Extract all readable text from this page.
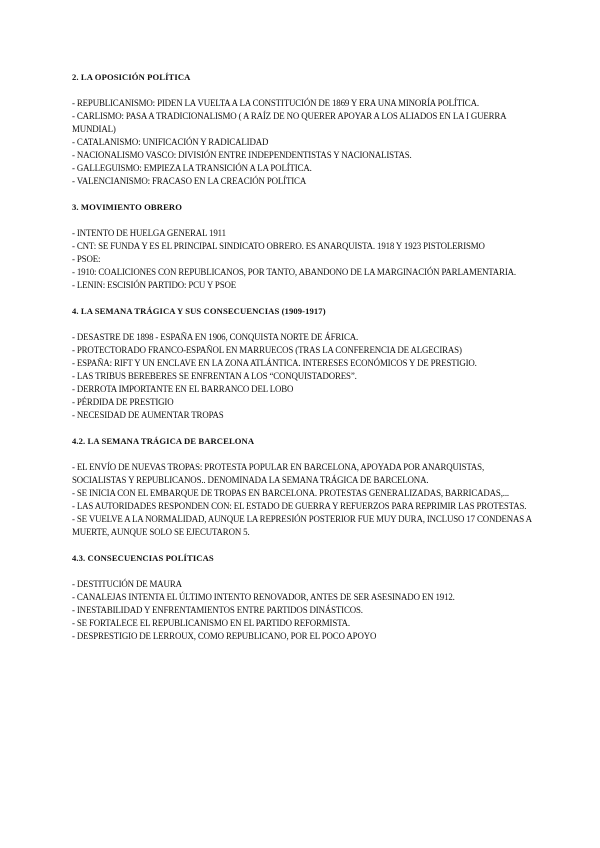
2. LA OPOSICIÓN POLÍTICA

- REPUBLICANISMO: PIDEN LA VUELTA A LA CONSTITUCIÓN DE 1869 Y ERA UNA MINORÍA POLÍTICA.

- CARLISMO: PASA A TRADICIONALISMO ( A RAÍZ DE NO QUERER APOYAR A LOS ALIADOS EN LA I GUERRA MUNDIAL)

- CATALANISMO: UNIFICACIÓN Y RADICALIDAD

- NACIONALISMO VASCO: DIVISIÓN ENTRE INDEPENDENTISTAS Y NACIONALISTAS.

- GALLEGUISMO: EMPIEZA LA TRANSICIÓN A LA POLÍTICA.

- VALENCIANISMO: FRACASO EN LA CREACIÓN POLÍTICA

3. MOVIMIENTO OBRERO

- INTENTO DE HUELGA GENERAL 1911

- CNT: SE FUNDA Y ES EL PRINCIPAL SINDICATO OBRERO. ES ANARQUISTA. 1918 Y 1923 PISTOLERISMO

- PSOE:

- 1910: COALICIONES CON REPUBLICANOS, POR TANTO, ABANDONO DE LA MARGINACIÓN PARLAMENTARIA.

- LENIN: ESCISIÓN PARTIDO: PCU Y PSOE

4. LA SEMANA TRÁGICA Y SUS CONSECUENCIAS (1909-1917)

- DESASTRE DE 1898 - ESPAÑA EN 1906, CONQUISTA NORTE DE ÁFRICA.

- PROTECTORADO FRANCO-ESPAÑOL EN MARRUECOS (TRAS LA CONFERENCIA DE ALGECIRAS)

- ESPAÑA: RIFT Y UN ENCLAVE EN LA ZONA ATLÁNTICA. INTERESES ECONÓMICOS Y DE PRESTIGIO.

- LAS TRIBUS BEREBERES SE ENFRENTAN A LOS “CONQUISTADORES”.

- DERROTA IMPORTANTE EN EL BARRANCO DEL LOBO

- PÉRDIDA DE PRESTIGIO

- NECESIDAD DE AUMENTAR TROPAS

4.2. LA SEMANA TRÁGICA DE BARCELONA

- EL ENVÍO DE NUEVAS TROPAS: PROTESTA POPULAR EN BARCELONA, APOYADA POR ANARQUISTAS, SOCIALISTAS Y REPUBLICANOS.. DENOMINADA LA SEMANA TRÁGICA DE BARCELONA.

- SE INICIA CON EL EMBARQUE DE TROPAS EN BARCELONA. PROTESTAS GENERALIZADAS, BARRICADAS,...

- LAS AUTORIDADES RESPONDEN CON: EL ESTADO DE GUERRA Y REFUERZOS PARA REPRIMIR LAS PROTESTAS.

- SE VUELVE A LA NORMALIDAD, AUNQUE LA REPRESIÓN POSTERIOR FUE MUY DURA, INCLUSO 17 CONDENAS A MUERTE, AUNQUE SOLO SE EJECUTARON 5.

4.3. CONSECUENCIAS POLÍTICAS

- DESTITUCIÓN DE MAURA

- CANALEJAS INTENTA EL ÚLTIMO INTENTO RENOVADOR, ANTES DE SER ASESINADO EN 1912.

- INESTABILIDAD Y ENFRENTAMIENTOS ENTRE PARTIDOS DINÁSTICOS.

- SE FORTALECE EL REPUBLICANISMO EN EL PARTIDO REFORMISTA.

- DESPRESTIGIO DE LERROUX, COMO REPUBLICANO, POR EL POCO APOYO
